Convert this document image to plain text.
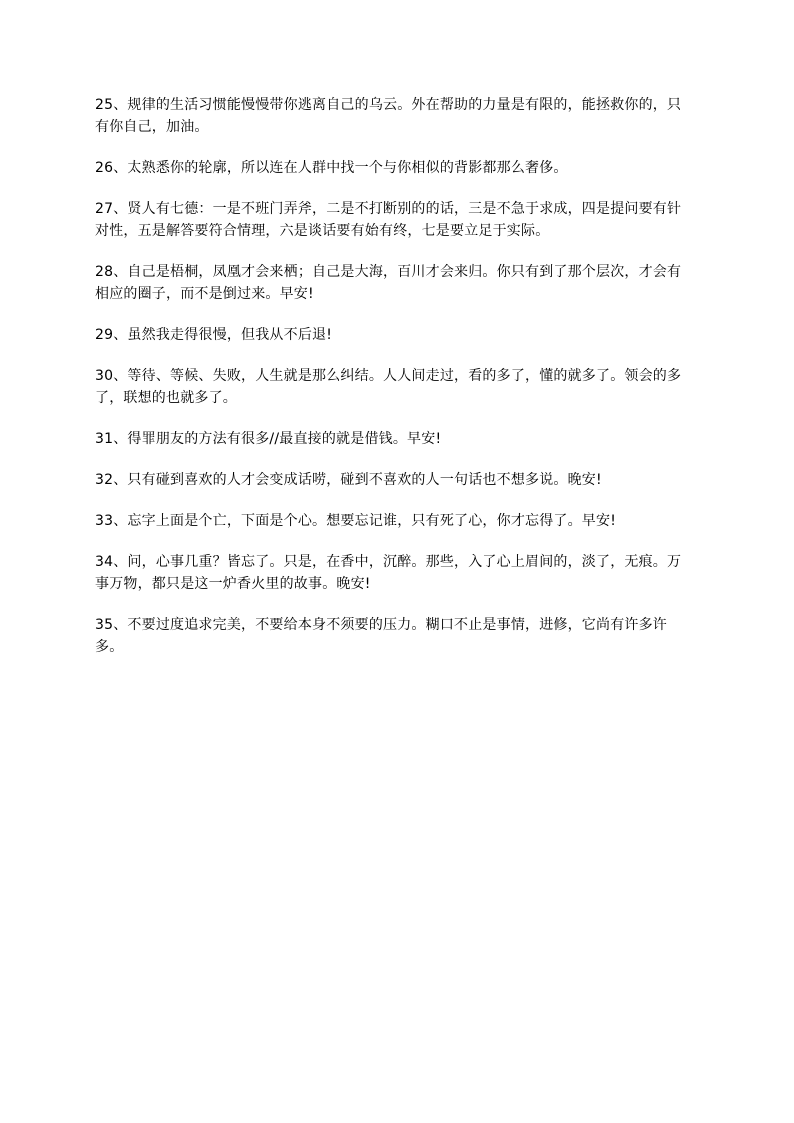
25、规律的生活习惯能慢慢带你逃离自己的乌云。外在帮助的力量是有限的，能拯救你的，只有你自己，加油。

26、太熟悉你的轮廓，所以连在人群中找一个与你相似的背影都那么奢侈。

27、贤人有七德：一是不班门弄斧，二是不打断别的的话，三是不急于求成，四是提问要有针对性，五是解答要符合情理，六是谈话要有始有终，七是要立足于实际。

28、自己是梧桐，凤凰才会来栖；自己是大海，百川才会来归。你只有到了那个层次，才会有相应的圈子，而不是倒过来。早安!

29、虽然我走得很慢，但我从不后退!

30、等待、等候、失败，人生就是那么纠结。人人间走过，看的多了，懂的就多了。领会的多了，联想的也就多了。

31、得罪朋友的方法有很多//最直接的就是借钱。早安!

32、只有碰到喜欢的人才会变成话唠，碰到不喜欢的人一句话也不想多说。晚安!

33、忘字上面是个亡，下面是个心。想要忘记谁，只有死了心，你才忘得了。早安!

34、问，心事几重？皆忘了。只是，在香中，沉醉。那些，入了心上眉间的，淡了，无痕。万事万物，都只是这一炉香火里的故事。晚安!

35、不要过度追求完美，不要给本身不须要的压力。糊口不止是事情，进修，它尚有许多许多。
